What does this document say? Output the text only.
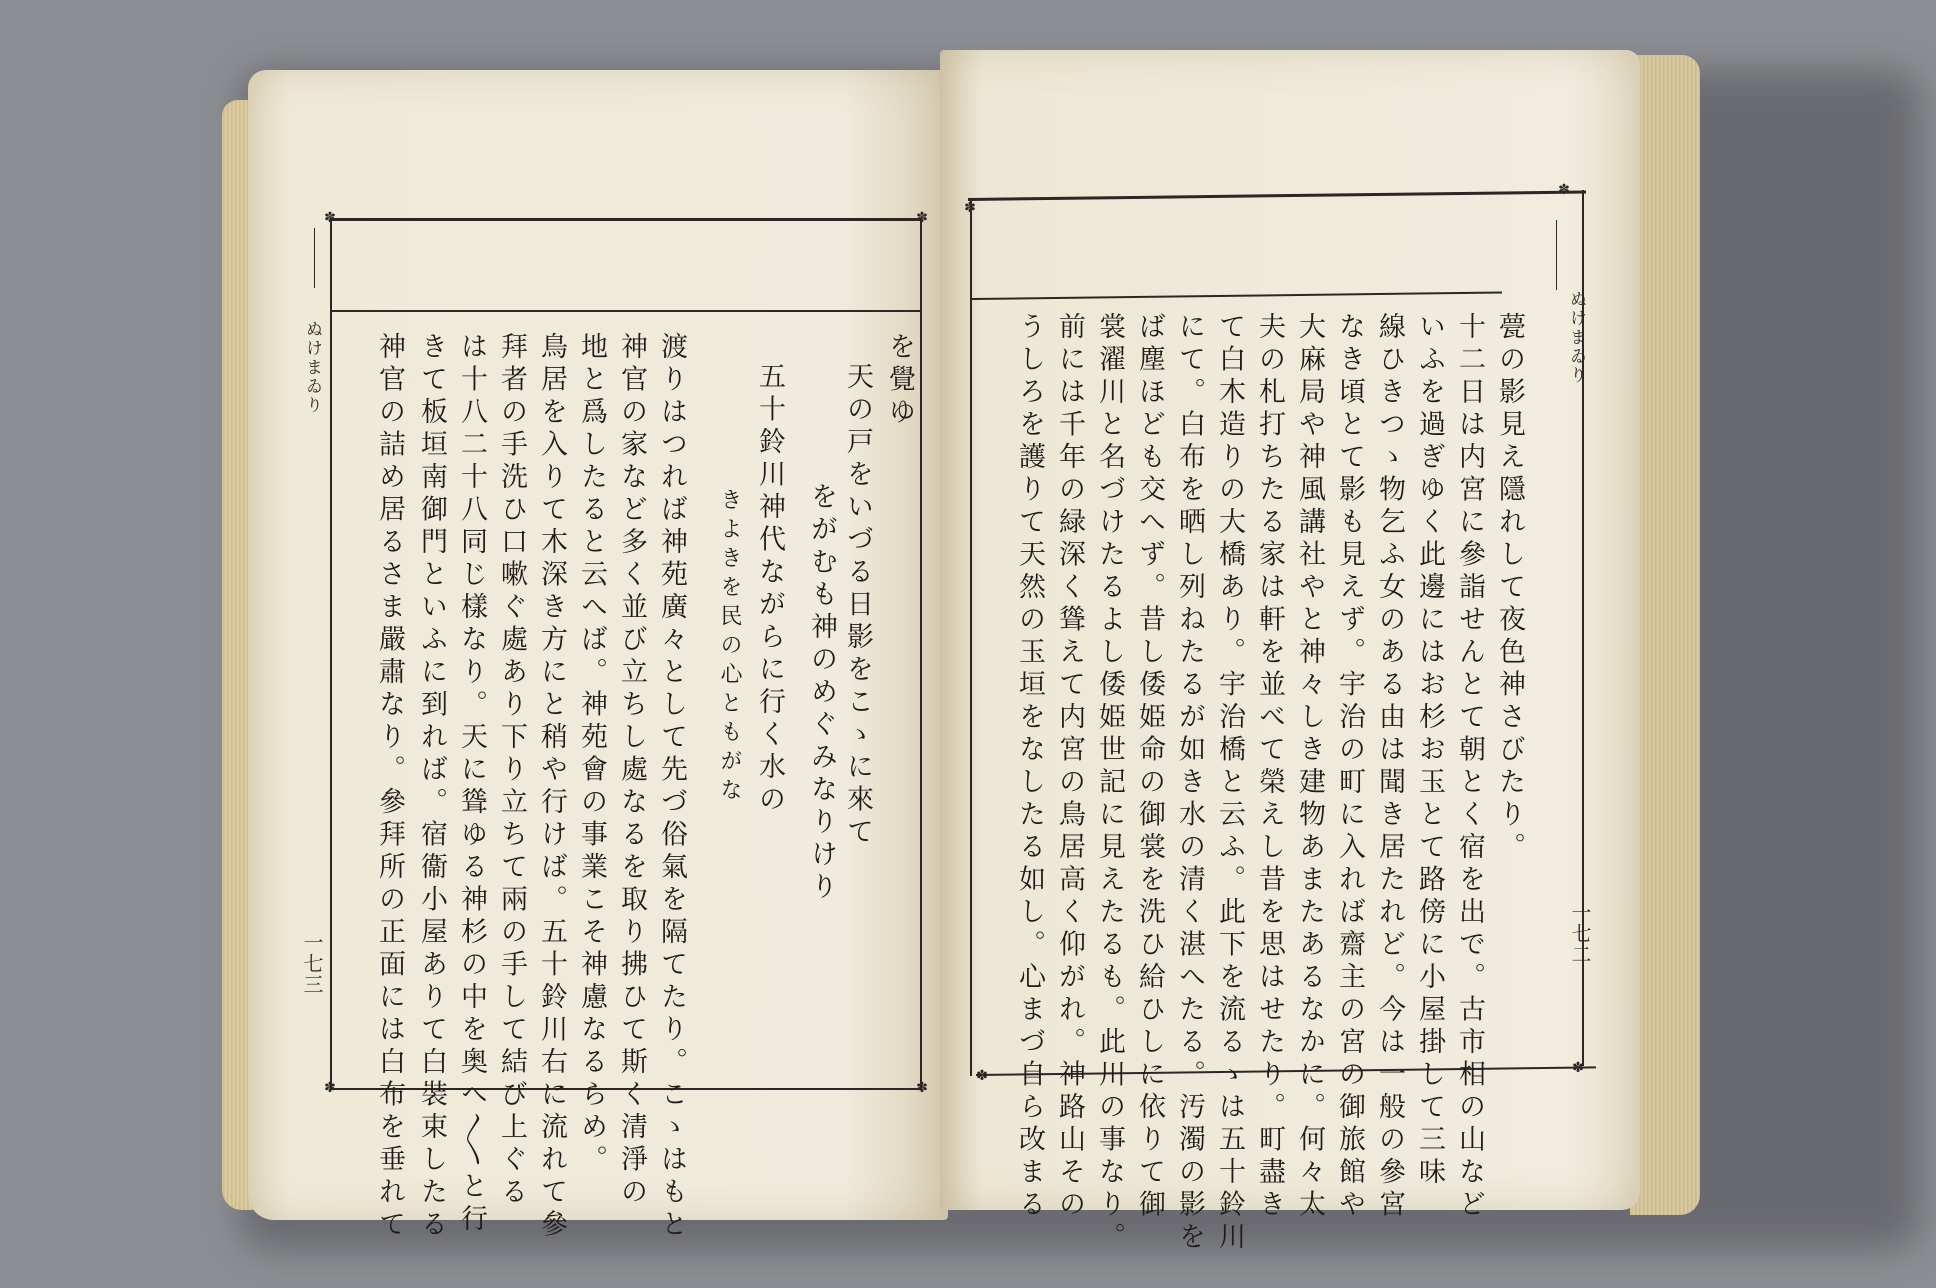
✽	✽
✽	✽
ぬけまゐり
一七三
を覺ゆ
天の戸をいづる日影をこゝに來て
をがむも神のめぐみなりけり
五十鈴川神代ながらに行く水の
きよきを民の心ともがな
渡りはつれば神苑廣々として先づ俗氣を隔てたり。こゝはもと
神官の家など多く並び立ちし處なるを取り拂ひて斯く清淨の
地と爲したると云へば。神苑會の事業こそ神慮なるらめ。
鳥居を入りて木深き方にと稍や行けば。五十鈴川右に流れて參
拜者の手洗ひ口嗽ぐ處あり下り立ちて兩の手して結び上ぐる
は十八二十八同じ樣なり。天に聳ゆる神杉の中を奥へ〳〵と行
きて板垣南御門といふに到れば。宿衞小屋ありて白裝束したる
神官の詰め居るさま嚴肅なり。參拜所の正面には白布を垂れて
✽
✽
✽	✽
ぬけまゐり
一七二
甍の影見え隱れして夜色神さびたり。
十二日は内宮に參詣せんとて朝とく宿を出で。古市相の山など
いふを過ぎゆく此邊にはお杉お玉とて路傍に小屋掛して三味
線ひきつゝ物乞ふ女のある由は聞き居たれど。今は一般の參宮
なき頃とて影も見えず。宇治の町に入れば齋主の宮の御旅館や
大麻局や神風講社やと神々しき建物あまたあるなかに。何々太
夫の札打ちたる家は軒を並べて榮えし昔を思はせたり。町盡き
て白木造りの大橋あり。宇治橋と云ふ。此下を流るゝは五十鈴川
にて。白布を晒し列ねたるが如き水の清く湛へたる。汚濁の影を
ば塵ほども交へず。昔し倭姫命の御裳を洗ひ給ひしに依りて御
裳濯川と名づけたるよし倭姫世記に見えたるも。此川の事なり。
前には千年の緑深く聳えて内宮の鳥居高く仰がれ。神路山その
うしろを護りて天然の玉垣をなしたる如し。心まづ自ら改まる
